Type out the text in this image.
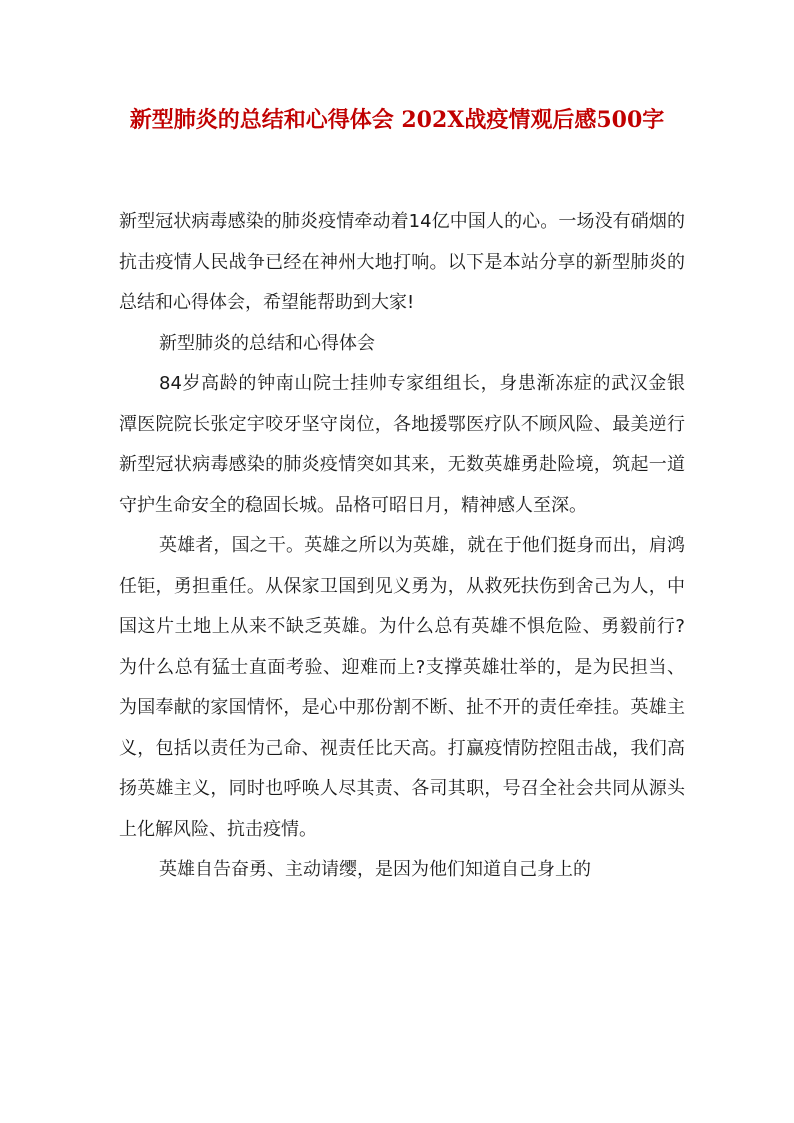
新型肺炎的总结和心得体会 202X战疫情观后感500字

新型冠状病毒感染的肺炎疫情牵动着14亿中国人的心。一场没有硝烟的抗击疫情人民战争已经在神州大地打响。以下是本站分享的新型肺炎的总结和心得体会，希望能帮助到大家!

新型肺炎的总结和心得体会

84岁高龄的钟南山院士挂帅专家组组长，身患渐冻症的武汉金银潭医院院长张定宇咬牙坚守岗位，各地援鄂医疗队不顾风险、最美逆行新型冠状病毒感染的肺炎疫情突如其来，无数英雄勇赴险境，筑起一道守护生命安全的稳固长城。品格可昭日月，精神感人至深。

英雄者，国之干。英雄之所以为英雄，就在于他们挺身而出，肩鸿任钜，勇担重任。从保家卫国到见义勇为，从救死扶伤到舍己为人，中国这片土地上从来不缺乏英雄。为什么总有英雄不惧危险、勇毅前行?为什么总有猛士直面考验、迎难而上?支撑英雄壮举的，是为民担当、为国奉献的家国情怀，是心中那份割不断、扯不开的责任牵挂。英雄主义，包括以责任为己命、视责任比天高。打赢疫情防控阻击战，我们高扬英雄主义，同时也呼唤人尽其责、各司其职，号召全社会共同从源头上化解风险、抗击疫情。

英雄自告奋勇、主动请缨，是因为他们知道自己身上的
